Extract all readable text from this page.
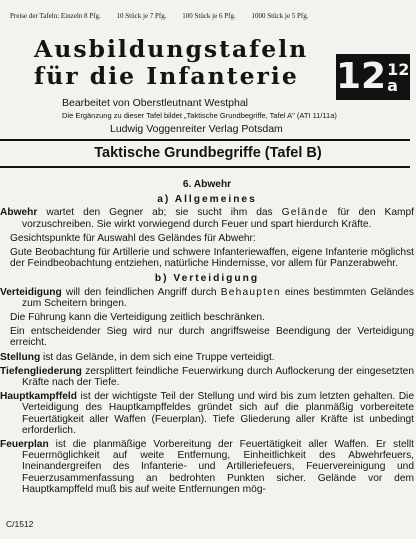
Preise der Tafeln: Einzeln 8 Pfg. 10 Stück je 7 Pfg. 100 Stück je 6 Pfg. 1000 Stück je 5 Pfg.
Ausbildungstafeln
für die Infanterie	12 12 a
Bearbeitet von Oberstleutnant Westphal
Die Ergänzung zu dieser Tafel bildet „Taktische Grundbegriffe, Tafel A" (ATI 11/11a)
Ludwig Voggenreiter Verlag Potsdam
Taktische Grundbegriffe (Tafel B)
6. Abwehr
a) Allgemeines

Abwehr wartet den Gegner ab; sie sucht ihm das Gelände für den Kampf vorzuschreiben. Sie wirkt vorwiegend durch Feuer und spart hierdurch Kräfte.

Gesichtspunkte für Auswahl des Geländes für Abwehr:

Gute Beobachtung für Artillerie und schwere Infanteriewaffen, eigene Infanterie möglichst der Feindbeobachtung entziehen, natürliche Hindernisse, vor allem für Panzerabwehr.

b) Verteidigung

Verteidigung will den feindlichen Angriff durch Behaupten eines bestimmten Geländes zum Scheitern bringen.

Die Führung kann die Verteidigung zeitlich beschränken.

Ein entscheidender Sieg wird nur durch angriffsweise Beendigung der Verteidigung erreicht.

Stellung ist das Gelände, in dem sich eine Truppe verteidigt.

Tiefengliederung zersplittert feindliche Feuerwirkung durch Auflockerung der eingesetzten Kräfte nach der Tiefe.

Hauptkampffeld ist der wichtigste Teil der Stellung und wird bis zum letzten gehalten. Die Verteidigung des Hauptkampffeldes gründet sich auf die planmäßig vorbereitete Feuertätigkeit aller Waffen (Feuerplan). Tiefe Gliederung aller Kräfte ist unbedingt erforderlich.

Feuerplan ist die planmäßige Vorbereitung der Feuertätigkeit aller Waffen. Er stellt Feuermöglichkeit auf weite Entfernung, Einheitlichkeit des Abwehrfeuers, Ineinandergreifen des Infanterie- und Artilleriefeuers, Feuervereinigung und Feuerzusammenfassung an bedrohten Punkten sicher. Gelände vor dem Hauptkampffeld muß bis auf weite Entfernungen mög-

C/1512
